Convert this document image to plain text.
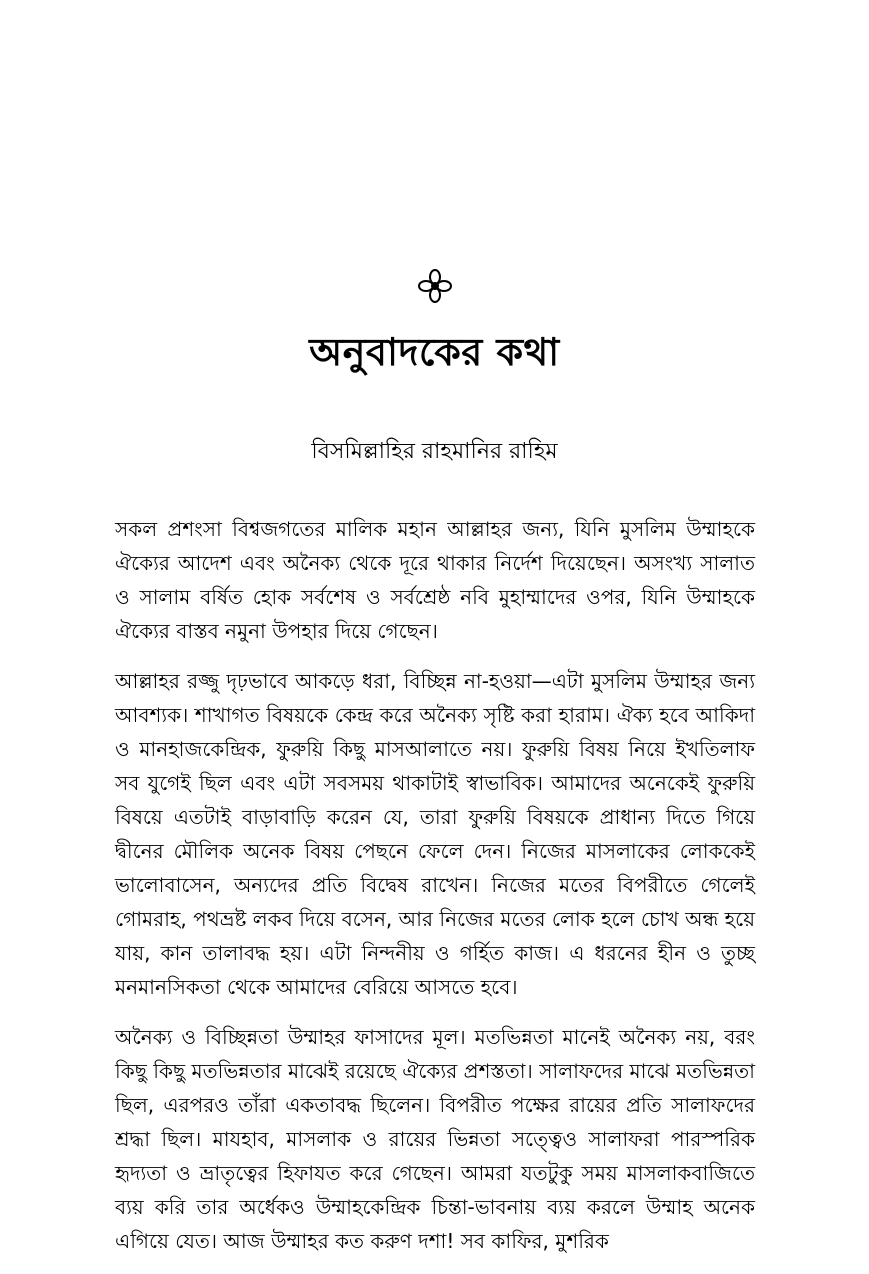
অনুবাদকের কথা
বিসমিল্লাহির রাহমানির রাহিম

সকল প্রশংসা বিশ্বজগতের মালিক মহান আল্লাহর জন্য, যিনি মুসলিম উম্মাহকে ঐক্যের আদেশ এবং অনৈক্য থেকে দূরে থাকার নির্দেশ দিয়েছেন। অসংখ্য সালাত ও সালাম বর্ষিত হোক সর্বশেষ ও সর্বশ্রেষ্ঠ নবি মুহাম্মাদের ওপর, যিনি উম্মাহকে ঐক্যের বাস্তব নমুনা উপহার দিয়ে গেছেন।

আল্লাহর রজ্জু দৃঢ়ভাবে আকড়ে ধরা, বিচ্ছিন্ন না-হওয়া—এটা মুসলিম উম্মাহর জন্য আবশ্যক। শাখাগত বিষয়কে কেন্দ্র করে অনৈক্য সৃষ্টি করা হারাম। ঐক্য হবে আকিদা ও মানহাজকেন্দ্রিক, ফুরুয়ি কিছু মাসআলাতে নয়। ফুরুয়ি বিষয় নিয়ে ইখতিলাফ সব যুগেই ছিল এবং এটা সবসময় থাকাটাই স্বাভাবিক। আমাদের অনেকেই ফুরুয়ি বিষয়ে এতটাই বাড়াবাড়ি করেন যে, তারা ফুরুয়ি বিষয়কে প্রাধান্য দিতে গিয়ে দ্বীনের মৌলিক অনেক বিষয় পেছনে ফেলে দেন। নিজের মাসলাকের লোককেই ভালোবাসেন, অন্যদের প্রতি বিদ্বেষ রাখেন। নিজের মতের বিপরীতে গেলেই গোমরাহ, পথভ্রষ্ট লকব দিয়ে বসেন, আর নিজের মতের লোক হলে চোখ অন্ধ হয়ে যায়, কান তালাবদ্ধ হয়। এটা নিন্দনীয় ও গর্হিত কাজ। এ ধরনের হীন ও তুচ্ছ মনমানসিকতা থেকে আমাদের বেরিয়ে আসতে হবে।

অনৈক্য ও বিচ্ছিন্নতা উম্মাহর ফাসাদের মূল। মতভিন্নতা মানেই অনৈক্য নয়, বরং কিছু কিছু মতভিন্নতার মাঝেই রয়েছে ঐক্যের প্রশস্ততা। সালাফদের মাঝে মতভিন্নতা ছিল, এরপরও তাঁরা একতাবদ্ধ ছিলেন। বিপরীত পক্ষের রায়ের প্রতি সালাফদের শ্রদ্ধা ছিল। মাযহাব, মাসলাক ও রায়ের ভিন্নতা সত্ত্বেও সালাফরা পারস্পরিক হৃদ্যতা ও ভ্রাতৃত্বের হিফাযত করে গেছেন। আমরা যতটুকু সময় মাসলাকবাজিতে ব্যয় করি তার অর্ধেকও উম্মাহকেন্দ্রিক চিন্তা-ভাবনায় ব্যয় করলে উম্মাহ অনেক এগিয়ে যেত। আজ উম্মাহর কত করুণ দশা! সব কাফির, মুশরিক
